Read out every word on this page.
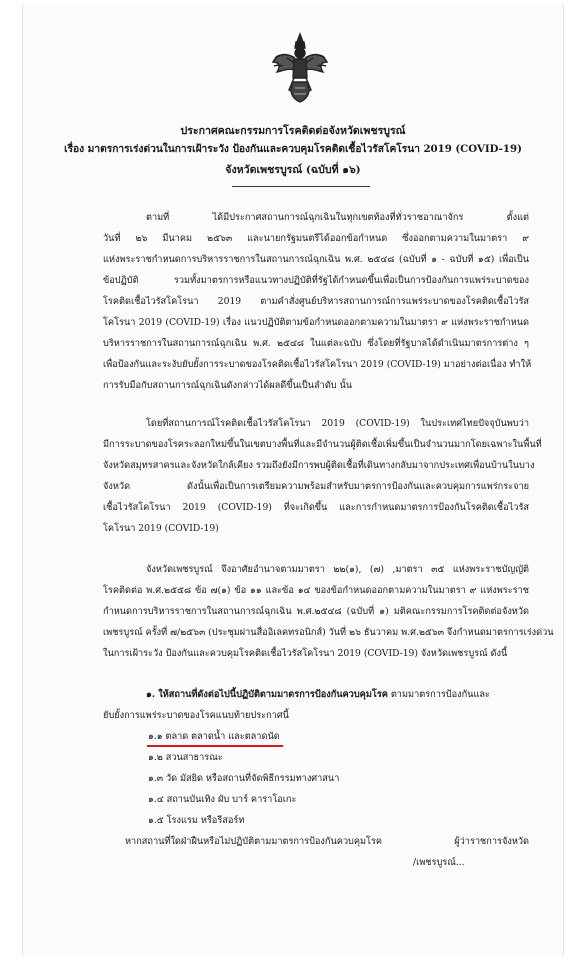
ประกาศคณะกรรมการโรคติดต่อจังหวัดเพชรบูรณ์
เรื่อง มาตรการเร่งด่วนในการเฝ้าระวัง ป้องกันและควบคุมโรคติดเชื้อไวรัสโคโรนา 2019 (COVID-19)
จังหวัดเพชรบูรณ์ (ฉบับที่ ๑๖)
ตามที่ ได้มีประกาศสถานการณ์ฉุกเฉินในทุกเขตท้องที่ทั่วราชอาณาจักร ตั้งแต่
วันที่ ๒๖ มีนาคม ๒๕๖๓ และนายกรัฐมนตรีได้ออกข้อกำหนด ซึ่งออกตามความในมาตรา ๙
แห่งพระราชกำหนดการบริหารราชการในสถานการณ์ฉุกเฉิน พ.ศ. ๒๕๔๘ (ฉบับที่ ๑ - ฉบับที่ ๑๕) เพื่อเป็น
ข้อปฏิบัติ รวมทั้งมาตรการหรือแนวทางปฏิบัติที่รัฐได้กำหนดขึ้นเพื่อเป็นการป้องกันการแพร่ระบาดของ
โรคติดเชื้อไวรัสโคโรนา 2019 ตามคำสั่งศูนย์บริหารสถานการณ์การแพร่ระบาดของโรคติดเชื้อไวรัส
โคโรนา 2019 (COVID-19) เรื่อง แนวปฏิบัติตามข้อกำหนดออกตามความในมาตรา ๙ แห่งพระราชกำหนด
บริหารราชการในสถานการณ์ฉุกเฉิน พ.ศ. ๒๕๔๘ ในแต่ละฉบับ ซึ่งโดยที่รัฐบาลได้ดำเนินมาตรการต่าง ๆ
เพื่อป้องกันและระงับยับยั้งการระบาดของโรคติดเชื้อไวรัสโคโรนา 2019 (COVID-19) มาอย่างต่อเนื่อง ทำให้
การรับมือกับสถานการณ์ฉุกเฉินดังกล่าวได้ผลดีขึ้นเป็นลำดับ นั้น
โดยที่สถานการณ์โรคติดเชื้อไวรัสโคโรนา 2019 (COVID-19) ในประเทศไทยปัจจุบันพบว่า
มีการระบาดของโรคระลอกใหม่ขึ้นในเขตบางพื้นที่และมีจำนวนผู้ติดเชื้อเพิ่มขึ้นเป็นจำนวนมากโดยเฉพาะในพื้นที่
จังหวัดสมุทรสาครและจังหวัดใกล้เคียง รวมถึงยังมีการพบผู้ติดเชื้อที่เดินทางกลับมาจากประเทศเพื่อนบ้านในบาง
จังหวัด ดังนั้นเพื่อเป็นการเตรียมความพร้อมสำหรับมาตรการป้องกันและควบคุมการแพร่กระจาย
เชื้อไวรัสโคโรนา 2019 (COVID-19) ที่จะเกิดขึ้น และการกำหนดมาตรการป้องกันโรคติดเชื้อไวรัส
โคโรนา 2019 (COVID-19)
จังหวัดเพชรบูรณ์ จึงอาศัยอำนาจตามมาตรา ๒๒(๑), (๗) ,มาตรา ๓๕ แห่งพระราชบัญญัติ
โรคติดต่อ พ.ศ.๒๕๕๘ ข้อ ๗(๑) ข้อ ๑๑ และข้อ ๑๔ ของข้อกำหนดออกตามความในมาตรา ๙ แห่งพระราช
กำหนดการบริหารราชการในสถานการณ์ฉุกเฉิน พ.ศ.๒๕๔๘ (ฉบับที่ ๑) มติคณะกรรมการโรคติดต่อจังหวัด
เพชรบูรณ์ ครั้งที่ ๗/๒๕๖๓ (ประชุมผ่านสื่ออิเลคทรอนิกส์) วันที่ ๒๖ ธันวาคม พ.ศ.๒๕๖๓ จึงกำหนดมาตรการเร่งด่วน
ในการเฝ้าระวัง ป้องกันและควบคุมโรคติดเชื้อไวรัสโคโรนา 2019 (COVID-19) จังหวัดเพชรบูรณ์ ดังนี้
๑. ให้สถานที่ดังต่อไปนี้ปฏิบัติตามมาตรการป้องกันควบคุมโรค ตามมาตรการป้องกันและ
ยับยั้งการแพร่ระบาดของโรคแนบท้ายประกาศนี้
๑.๑ ตลาด ตลาดน้ำ และตลาดนัด
๑.๒ สวนสาธารณะ
๑.๓ วัด มัสยิด หรือสถานที่จัดพิธีกรรมทางศาสนา
๑.๔ สถานบันเทิง ผับ บาร์ คาราโอเกะ
๑.๕ โรงแรม หรือรีสอร์ท
หากสถานที่ใดฝ่าฝืนหรือไม่ปฏิบัติตามมาตรการป้องกันควบคุมโรค ผู้ว่าราชการจังหวัด
/เพชรบูรณ์...
